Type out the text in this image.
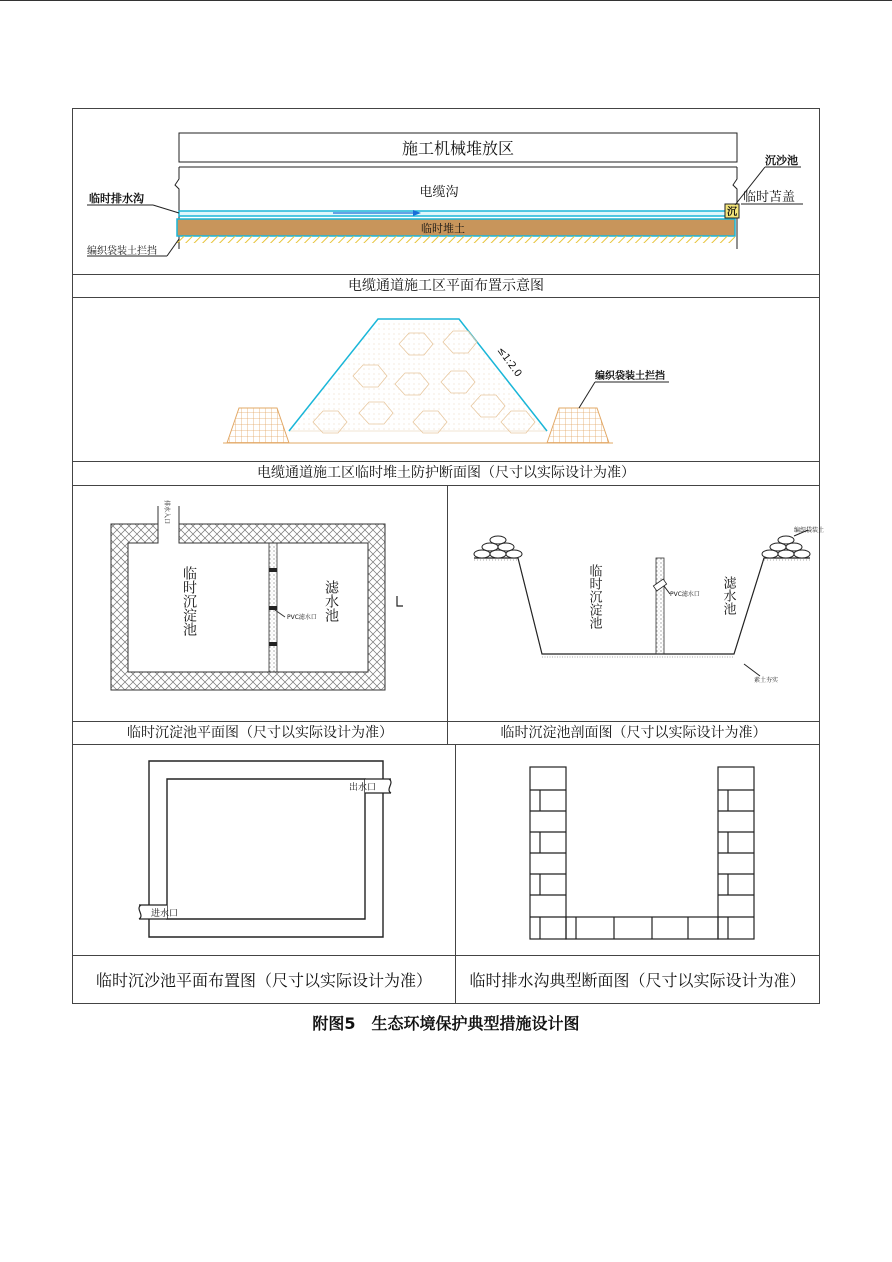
施工机械堆放区
电缆沟
临时排水沟
临时堆土
编织袋装土拦挡
沉沙池
沉
临时苫盖
电缆通道施工区平面布置示意图
≤1:2.0	编织袋装土拦挡
电缆通道施工区临时堆土防护断面图（尺寸以实际设计为准）
排水入口
PVC滤水口
临时沉淀池	滤水池
临时沉淀池平面图（尺寸以实际设计为准）
临时沉淀池	滤水池
PVC滤水口
编织袋装土
素土夯实
临时沉淀池剖面图（尺寸以实际设计为准）
出水口
进水口
临时沉沙池平面布置图（尺寸以实际设计为准）	临时排水沟典型断面图（尺寸以实际设计为准）
附图5　生态环境保护典型措施设计图
